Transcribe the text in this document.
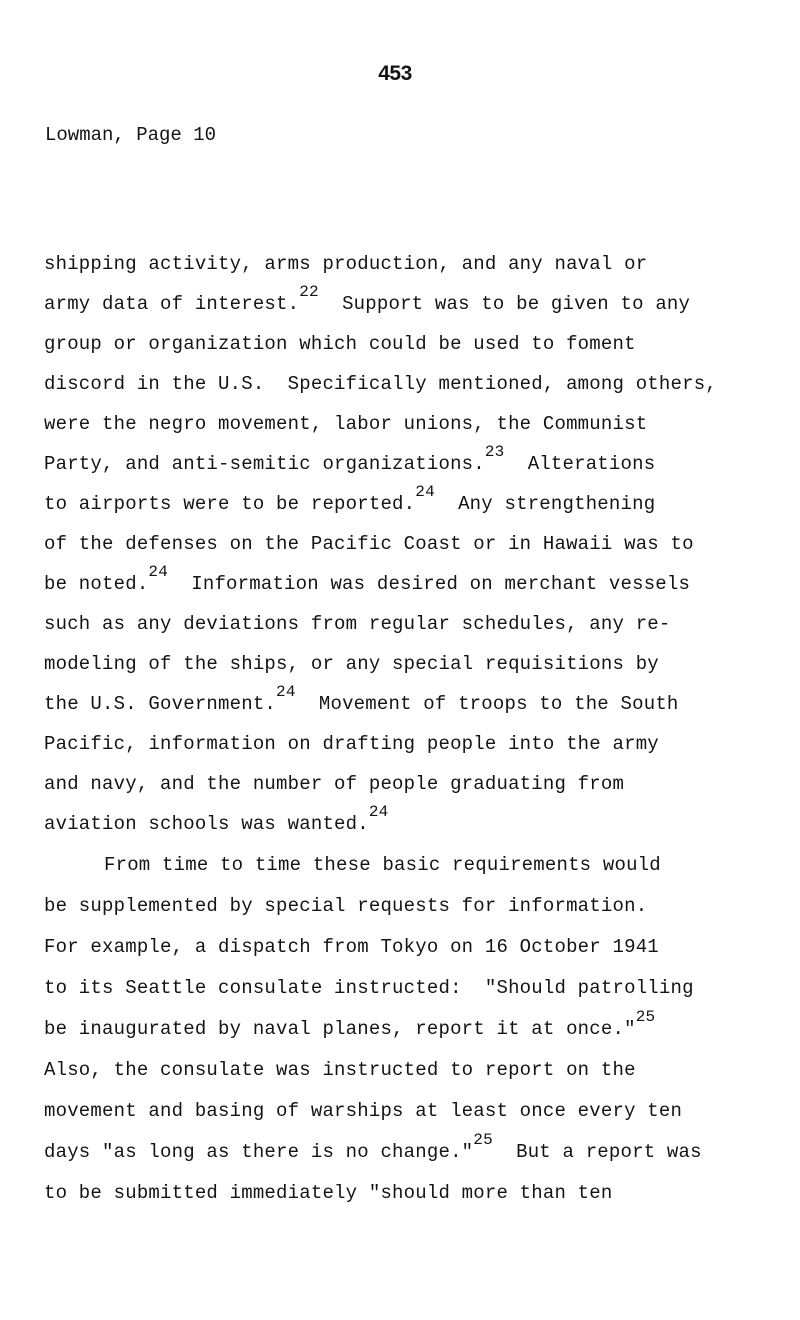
453
Lowman, Page 10
shipping activity, arms production, and any naval or
army data of interest.$^{22}$  Support was to be given to any
group or organization which could be used to foment
discord in the U.S.  Specifically mentioned, among others,
were the negro movement, labor unions, the Communist
Party, and anti-semitic organizations.$^{23}$  Alterations
to airports were to be reported.$^{24}$  Any strengthening
of the defenses on the Pacific Coast or in Hawaii was to
be noted.$^{24}$  Information was desired on merchant vessels
such as any deviations from regular schedules, any re-
modeling of the ships, or any special requisitions by
the U.S. Government.$^{24}$  Movement of troops to the South
Pacific, information on drafting people into the army
and navy, and the number of people graduating from
aviation schools was wanted.$^{24}$
From time to time these basic requirements would
be supplemented by special requests for information.
For example, a dispatch from Tokyo on 16 October 1941
to its Seattle consulate instructed:  "Should patrolling
be inaugurated by naval planes, report it at once."$^{25}$
Also, the consulate was instructed to report on the
movement and basing of warships at least once every ten
days "as long as there is no change."$^{25}$  But a report was
to be submitted immediately "should more than ten
